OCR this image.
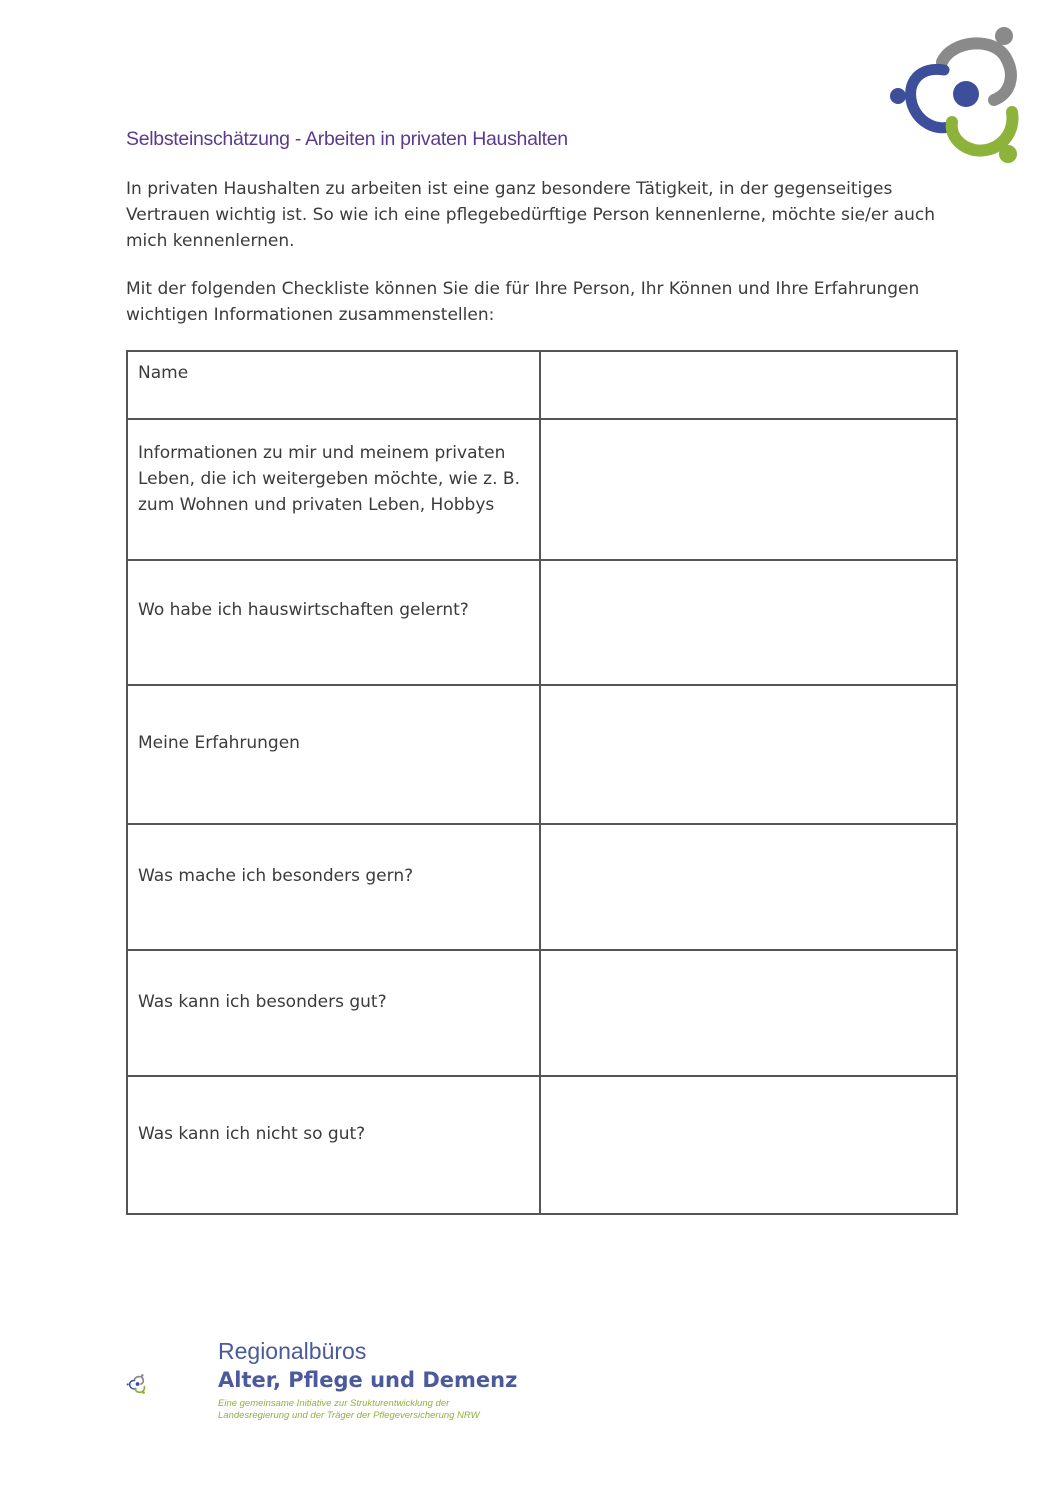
Selbsteinschätzung - Arbeiten in privaten Haushalten

In privaten Haushalten zu arbeiten ist eine ganz besondere Tätigkeit, in der gegenseitiges Vertrauen wichtig ist. So wie ich eine pflegebedürftige Person kennenlerne, möchte sie/er auch mich kennenlernen.

Mit der folgenden Checkliste können Sie die für Ihre Person, Ihr Können und Ihre Erfahrungen wichtigen Informationen zusammenstellen:

Name	
Informationen zu mir und meinem privaten Leben, die ich weitergeben möchte, wie z. B. zum Wohnen und privaten Leben, Hobbys	
Wo habe ich hauswirtschaften gelernt?	
Meine Erfahrungen	
Was mache ich besonders gern?	
Was kann ich besonders gut?	
Was kann ich nicht so gut?	
Regionalbüros
Alter, Pflege und Demenz
Eine gemeinsame Initiative zur Strukturentwicklung der
Landesregierung und der Träger der Pflegeversicherung NRW
